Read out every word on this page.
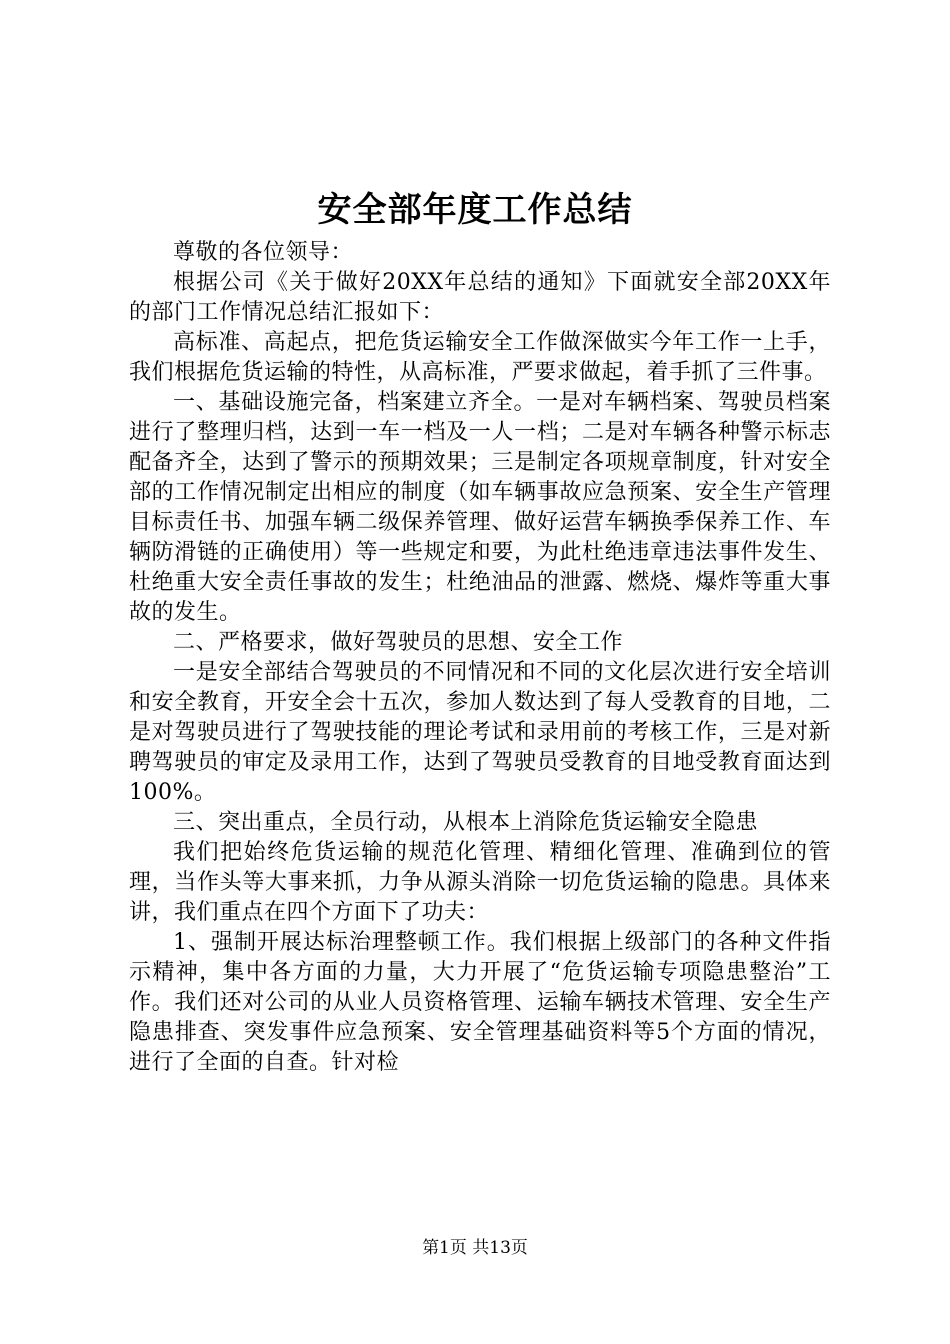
安全部年度工作总结

尊敬的各位领导：

根据公司《关于做好20XX年总结的通知》下面就安全部20XX年的部门工作情况总结汇报如下：

高标准、高起点，把危货运输安全工作做深做实今年工作一上手，我们根据危货运输的特性，从高标准，严要求做起，着手抓了三件事。

一、基础设施完备，档案建立齐全。一是对车辆档案、驾驶员档案进行了整理归档，达到一车一档及一人一档；二是对车辆各种警示标志配备齐全，达到了警示的预期效果；三是制定各项规章制度，针对安全部的工作情况制定出相应的制度（如车辆事故应急预案、安全生产管理目标责任书、加强车辆二级保养管理、做好运营车辆换季保养工作、车辆防滑链的正确使用）等一些规定和要，为此杜绝违章违法事件发生、杜绝重大安全责任事故的发生；杜绝油品的泄露、燃烧、爆炸等重大事故的发生。

二、严格要求，做好驾驶员的思想、安全工作

一是安全部结合驾驶员的不同情况和不同的文化层次进行安全培训和安全教育，开安全会十五次，参加人数达到了每人受教育的目地，二是对驾驶员进行了驾驶技能的理论考试和录用前的考核工作，三是对新聘驾驶员的审定及录用工作，达到了驾驶员受教育的目地受教育面达到100%。

三、突出重点，全员行动，从根本上消除危货运输安全隐患

我们把始终危货运输的规范化管理、精细化管理、准确到位的管理，当作头等大事来抓，力争从源头消除一切危货运输的隐患。具体来讲，我们重点在四个方面下了功夫：

1、强制开展达标治理整顿工作。我们根据上级部门的各种文件指示精神，集中各方面的力量，大力开展了“危货运输专项隐患整治”工作。我们还对公司的从业人员资格管理、运输车辆技术管理、安全生产隐患排查、突发事件应急预案、安全管理基础资料等5个方面的情况，进行了全面的自查。针对检

第1页 共13页
